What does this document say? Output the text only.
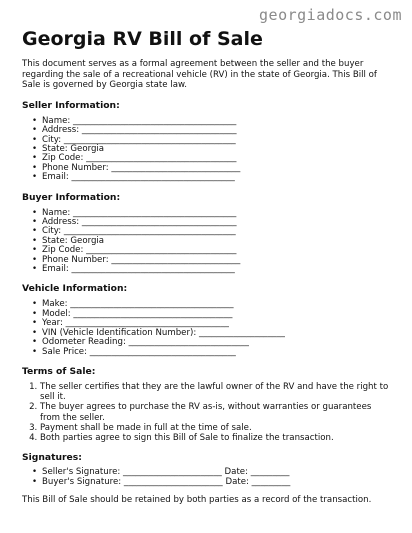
georgiadocs.com
Georgia RV Bill of Sale

This document serves as a formal agreement between the seller and the buyer regarding the sale of a recreational vehicle (RV) in the state of Georgia. This Bill of Sale is governed by Georgia state law.

Seller Information:
• Name: ______________________________________
• Address: ____________________________________
• City: ________________________________________
• State: Georgia
• Zip Code: ___________________________________
• Phone Number: ______________________________
• Email: ______________________________________
Buyer Information:
• Name: ______________________________________
• Address: ____________________________________
• City: ________________________________________
• State: Georgia
• Zip Code: ___________________________________
• Phone Number: ______________________________
• Email: ______________________________________
Vehicle Information:
• Make: ______________________________________
• Model: _____________________________________
• Year: ______________________________________
• VIN (Vehicle Identification Number): ____________________
• Odometer Reading: ____________________________
• Sale Price: __________________________________
Terms of Sale:
1. The seller certifies that they are the lawful owner of the RV and have the right to sell it.
2. The buyer agrees to purchase the RV as-is, without warranties or guarantees from the seller.
3. Payment shall be made in full at the time of sale.
4. Both parties agree to sign this Bill of Sale to finalize the transaction.
Signatures:
• Seller's Signature: _______________________ Date: _________
• Buyer's Signature: _______________________ Date: _________

This Bill of Sale should be retained by both parties as a record of the transaction.
